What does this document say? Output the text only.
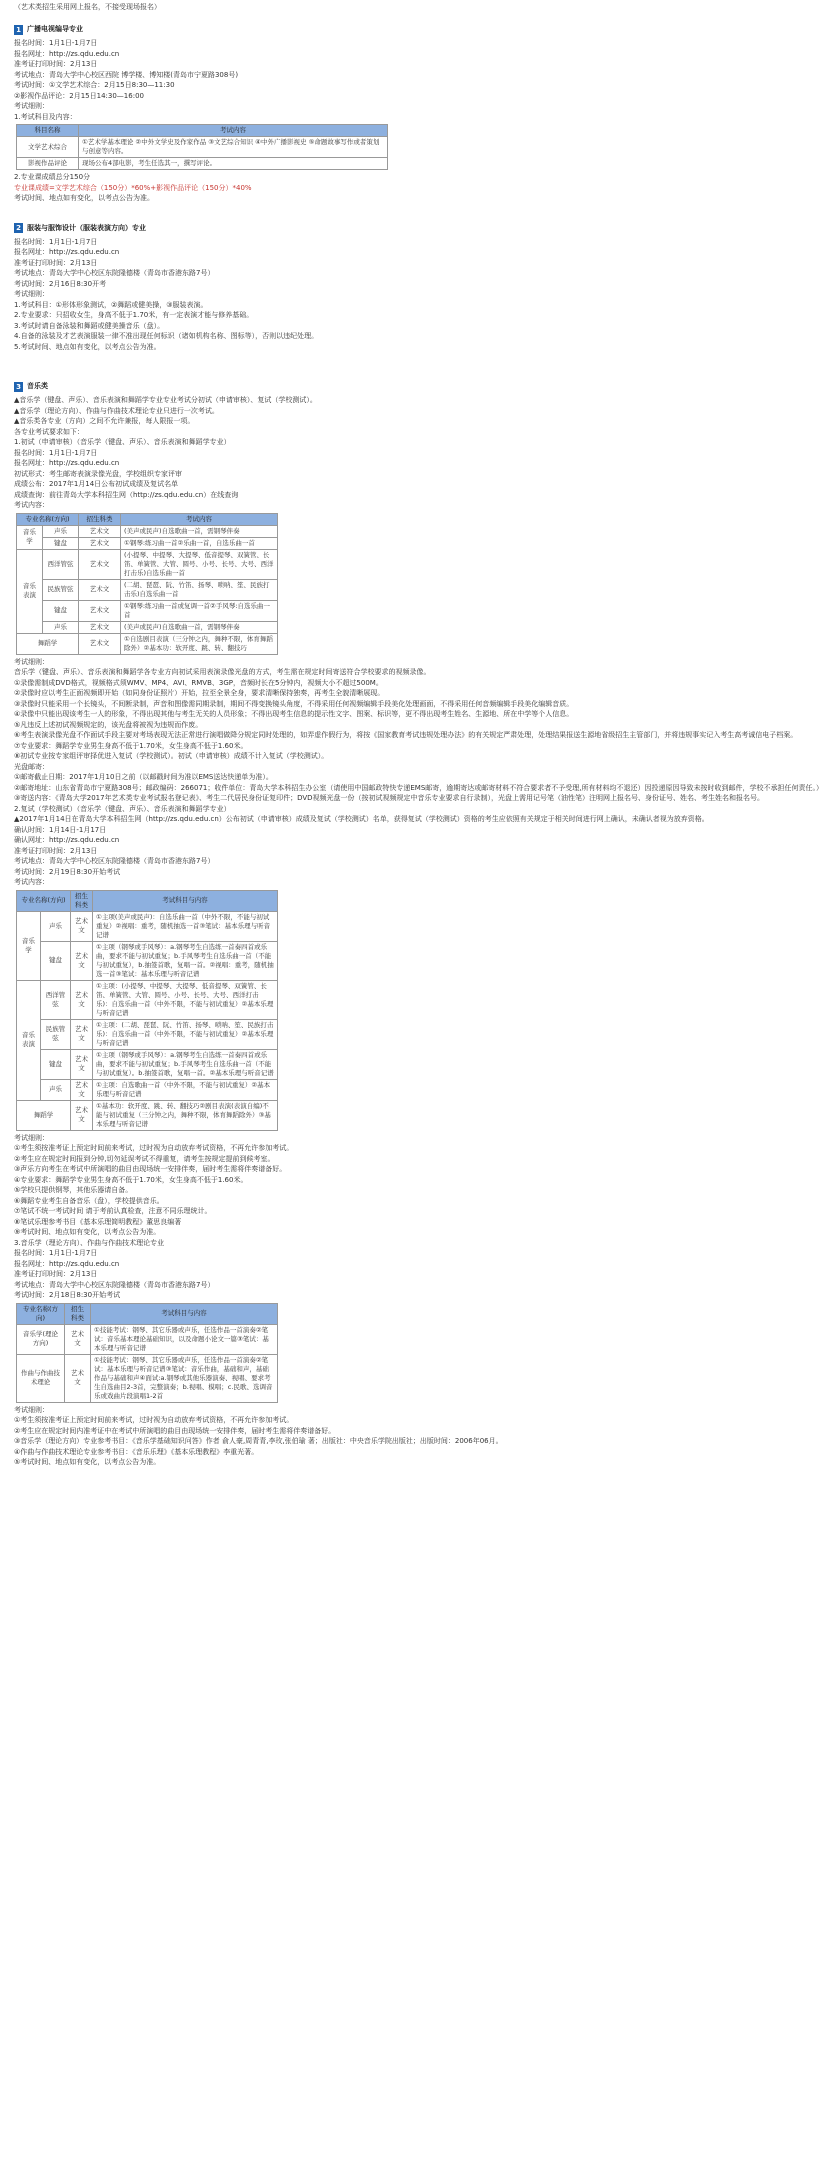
（艺术类招生采用网上报名，不接受现场报名）

1 广播电视编导专业

报名时间：1月1日-1月7日

报名网址：http://zs.qdu.edu.cn

准考证打印时间：2月13日

考试地点：青岛大学中心校区西院 博学楼、博知楼(青岛市宁夏路308号)

考试时间：①文学艺术综合：2月15日8:30—11:30

②影视作品评论：2月15日14:30—16:00

考试细则：

1.考试科目及内容：

科目名称	考试内容
文学艺术综合	①艺术学基本理论 ②中外文学史及作家作品 ③文艺综合知识 ④中外广播影视史 ⑤命题故事写作或者策划与创意等内容。
影视作品评论	现场公布4部电影，考生任选其一，撰写评论。

2.专业课成绩总分150分

专业课成绩=文学艺术综合（150分）*60%+影视作品评论（150分）*40%

考试时间、地点如有变化，以考点公告为准。

2 服装与服饰设计（服装表演方向）专业

报名时间：1月1日-1月7日

报名网址：http://zs.qdu.edu.cn

准考证打印时间：2月13日

考试地点：青岛大学中心校区东院隆德楼（青岛市香港东路7号）

考试时间：2月16日8:30开考

考试细则：

1.考试科目：①形体形象测试，②舞蹈或健美操，③服装表演。

2.专业要求：只招收女生，身高不低于1.70米，有一定表演才能与修养基础。

3.考试时请自备泳装和舞蹈或健美操音乐（盘）。

4.自备的泳装及才艺表演服装一律不准出现任何标识（诸如机构名称、图标等），否则以违纪处理。

5.考试时间、地点如有变化，以考点公告为准。

3 音乐类

▲音乐学（键盘、声乐）、音乐表演和舞蹈学专业专业考试分初试（申请审核）、复试（学校测试）。

▲音乐学（理论方向）、作曲与作曲技术理论专业只进行一次考试。

▲音乐类各专业（方向）之间不允许兼报，每人限报一项。

各专业考试要求如下：

1.初试（申请审核）（音乐学（键盘、声乐）、音乐表演和舞蹈学专业）

报名时间：1月1日-1月7日

报名网址：http://zs.qdu.edu.cn

初试形式：考生邮寄表演录像光盘，学校组织专家评审

成绩公布：2017年1月14日公布初试成绩及复试名单

成绩查询：前往青岛大学本科招生网（http://zs.qdu.edu.cn）在线查询

考试内容：

专业名称(方向)		招生科类	考试内容
音乐学	声乐	艺术文	(美声或民声)自选歌曲一首，需钢琴伴奏
	键盘	艺术文	①钢琴:练习曲一首②乐曲一首，自选乐曲一首
音乐表演	西洋管弦	艺术文	(小提琴、中提琴、大提琴、低音提琴、双簧管、长笛、单簧管、大管、圆号、小号、长号、大号、西洋打击乐)自选乐曲一首
	民族管弦	艺术文	(二胡、琵琶、阮、竹笛、扬琴、唢呐、笙、民族打击乐)自选乐曲一首
	键盘	艺术文	①钢琴:练习曲一首或复调一首②手风琴:自选乐曲一首
	声乐	艺术文	(美声或民声)自选歌曲一首，需钢琴伴奏
舞蹈学		艺术文	①自选剧目表演（三分钟之内，舞种不限，体育舞蹈除外）②基本功：软开度、跳、转、翻技巧

考试细则：

音乐学（键盘、声乐）、音乐表演和舞蹈学各专业方向初试采用表演录像光盘的方式，考生需在规定时间寄送符合学校要求的视频录像。

①录像需制成DVD格式，视频格式须WMV、MP4、AVI、RMVB、3GP，音频时长在5分钟内，视频大小不超过500M。

②录像时应以考生正面视频即开始（如同身份证照片）开始，拉至全景全身，要求清晰保持独奏，再考生全貌清晰展现。

③录像时只能采用一个长镜头，不间断录制，声音和图像需同期录制，期间不得变换镜头角度，不得采用任何视频编辑手段美化处理画面，不得采用任何音频编辑手段美化编辑音质。

④录像中只能出现该考生一人的形象，不得出现其他与考生无关的人员形象；不得出现考生信息的提示性文字、图案、标识等，更不得出现考生姓名、生源地、所在中学等个人信息。

⑤凡违反上述初试视频规定的，该光盘将被视为违规而作废。

⑥考生表演录像光盘不作面试手段主要对考场表现无法正常进行演唱做降分规定同时处理的，如弄虚作假行为，将按《国家教育考试违规处理办法》的有关规定严肃处理，处理结果报送生源地省级招生主管部门，并将违规事实记入考生高考诚信电子档案。

⑦专业要求：舞蹈学专业男生身高不低于1.70米，女生身高不低于1.60米。

⑧初试专业按专家组评审择优进入复试（学校测试）。初试（申请审核）成绩不计入复试（学校测试）。

光盘邮寄：

①邮寄截止日期：2017年1月10日之前（以邮戳时间为准以EMS送达快递单为准）。

②邮寄地址：山东省青岛市宁夏路308号；邮政编码：266071；收件单位：青岛大学本科招生办公室（请使用中国邮政特快专递EMS邮寄，逾期寄达或邮寄材料不符合要求者不予受理,所有材料均不退还）因投递原因导致未按时收到邮件，学校不承担任何责任。）

③寄送内容：《青岛大学2017年艺术类专业考试报名登记表》、考生二代居民身份证复印件；DVD视频光盘一份（按初试视频规定中音乐专业要求自行录制），光盘上需用记号笔（油性笔）注明网上报名号、身份证号、姓名、考生姓名和报名号。

2.复试（学校测试）（音乐学（键盘、声乐）、音乐表演和舞蹈学专业）

▲2017年1月14日在青岛大学本科招生网（http://zs.qdu.edu.cn）公布初试（申请审核）成绩及复试（学校测试）名单，获得复试（学校测试）资格的考生应依照有关规定于相关时间进行网上确认，未确认者视为放弃资格。

确认时间：1月14日-1月17日

确认网址：http://zs.qdu.edu.cn

准考证打印时间：2月13日

考试地点：青岛大学中心校区东院隆德楼（青岛市香港东路7号）

考试时间：2月19日8:30开始考试

考试内容：

专业名称(方向)		招生科类	考试科目与内容
音乐学	声乐	艺术文	①主项(美声或民声)：自选乐曲一首（中外不限，不能与初试重复）②视唱：重考，随机抽选一首③笔试：基本乐理与听音记谱
	键盘	艺术文	①主项（钢琴或手风琴）：a.钢琴考生自选练一首奏四首或乐曲，要求不能与初试重复；b.手风琴考生自选乐曲一首（不能与初试重复），b.抽签首歌，复唱一首。②视唱：重考，随机抽选一首③笔试：基本乐理与听音记谱
音乐表演	西洋管弦	艺术文	①主项：(小提琴、中提琴、大提琴、低音提琴、双簧管、长笛、单簧管、大管、圆号、小号、长号、大号、西洋打击乐)：自选乐曲一首（中外不限，不能与初试重复）②基本乐理与听音记谱
	民族管弦	艺术文	①主项：(二胡、琵琶、阮、竹笛、扬琴、唢呐、笙、民族打击乐)：自选乐曲一首（中外不限，不能与初试重复）②基本乐理与听音记谱
	键盘	艺术文	①主项（钢琴或手风琴）：a.钢琴考生自选练一首奏四首或乐曲，要求不能与初试重复；b.手风琴考生自选乐曲一首（不能与初试重复）。b.抽签首歌，复唱一首。②基本乐理与听音记谱
	声乐	艺术文	①主项：自选歌曲一首（中外不限，不能与初试重复）②基本乐理与听音记谱
舞蹈学		艺术文	①基本功：软开度、跳、转、翻技巧②剧目表演(表演自编)不能与初试重复（三分钟之内，舞种不限，体育舞蹈除外）③基本乐理与听音记谱

考试细则：

①考生须按准考证上预定时间前来考试，过时视为自动放弃考试资格，不再允许参加考试。

②考生应在规定时间报到分钟,切勿延误考试不得重复，请考生按规定提前到候考室。

③声乐方向考生在考试中所演唱的曲目由现场统一安排伴奏，届时考生需将伴奏谱备好。

④专业要求：舞蹈学专业男生身高不低于1.70米，女生身高不低于1.60米。

⑤学校只提供钢琴，其他乐器请自备。

⑥舞蹈专业考生自备音乐（盘），学校提供音乐。

⑦笔试不统一考试时间 请于考前认真检查，注意不同乐理统计。

⑧笔试乐理参考书目《基本乐理简明教程》董思良编著

⑨考试时间、地点如有变化，以考点公告为准。

3.音乐学（理论方向）、作曲与作曲技术理论专业

报名时间：1月1日-1月7日

报名网址：http://zs.qdu.edu.cn

准考证打印时间：2月13日

考试地点：青岛大学中心校区东院隆德楼（青岛市香港东路7号）

考试时间：2月18日8:30开始考试

专业名称(方向)	招生科类	考试科目与内容
音乐学(理论方向)	艺术文	①技能考试：钢琴、其它乐器或声乐，任选作品一首演奏②笔试：音乐基本理论基础知识，以及命题小论文一篇③笔试：基本乐理与听音记谱
作曲与作曲技术理论	艺术文	①技能考试：钢琴、其它乐器或声乐，任选作品一首演奏②笔试：基本乐理与听音记谱③笔试：音乐作曲，基础和声，基础作品与基础和声④面试:a.钢琴或其他乐器演奏、视唱、要求考生自选曲目2-3首，完整演奏；b.视唱、模唱；c.民歌、选调音乐或戏曲片段演唱1-2首

考试细则：

①考生须按准考证上预定时间前来考试，过时视为自动放弃考试资格，不再允许参加考试。

②考生应在规定时间内准考证中在考试中所演唱的曲目由现场统一安排伴奏，届时考生需将伴奏谱备好。

③音乐学（理论方向）专业参考书目：《音乐学基础知识问答》作者 俞人豪,周青青,李玫,张伯瑜 著；出版社：中央音乐学院出版社；出版时间：2006年06月。

④作曲与作曲技术理论专业参考书目：《音乐乐理》《基本乐理教程》李重光著。

⑤考试时间、地点如有变化，以考点公告为准。
